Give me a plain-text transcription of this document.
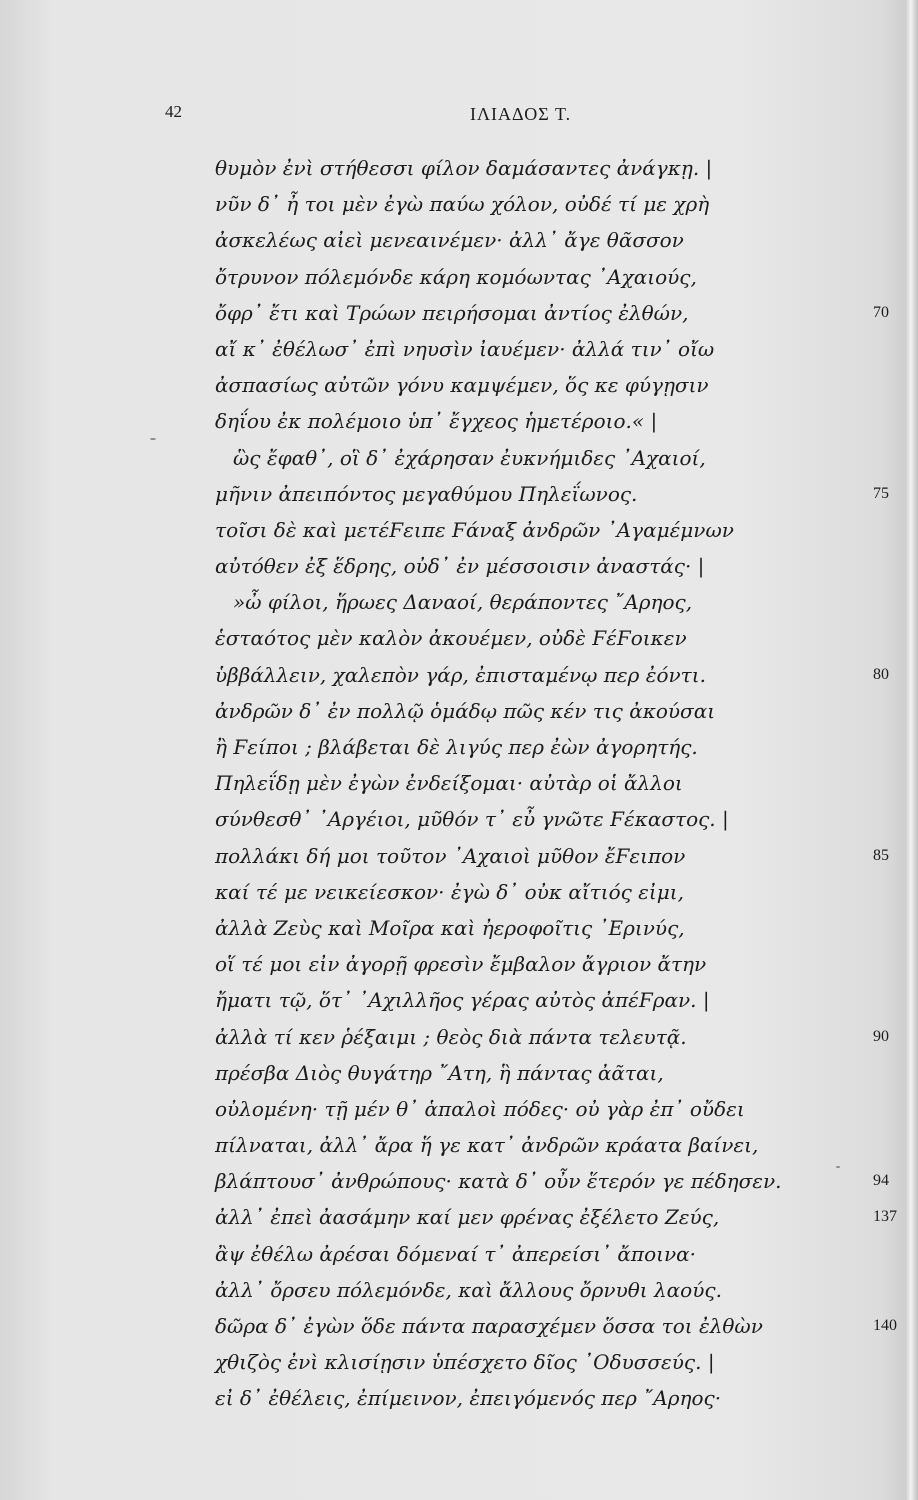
42	ΙΛΙΑΔΟΣ Τ.
θυμὸν ἐνὶ στήθεσσι φίλον δαμάσαντες ἀνάγκῃ. |
νῦν δ᾽ ἦ τοι μὲν ἐγὼ παύω χόλον, οὐδέ τί με χρὴ
ἀσκελέως αἰεὶ μενεαινέμεν· ἀλλ᾽ ἄγε θᾶσσον
ὄτρυνον πόλεμόνδε κάρη κομόωντας ᾽Αχαιούς,
ὄφρ᾽ ἔτι καὶ Τρώων πειρήσομαι ἀντίος ἐλθών,	70
αἴ κ᾽ ἐθέλωσ᾽ ἐπὶ νηυσὶν ἰαυέμεν· ἀλλά τιν᾽ οἴω
ἀσπασίως αὐτῶν γόνυ καμψέμεν, ὅς κε φύγῃσιν
δηΐου ἐκ πολέμοιο ὑπ᾽ ἔγχεος ἡμετέροιο.« |
ὣς ἔφαθ᾽, οἳ δ᾽ ἐχάρησαν ἐυκνήμιδες ᾽Αχαιοί,
μῆνιν ἀπειπόντος μεγαθύμου Πηλεΐωνος.	75
τοῖσι δὲ καὶ μετέϜειπε Ϝάναξ ἀνδρῶν ᾽Αγαμέμνων
αὐτόθεν ἐξ ἕδρης, οὐδ᾽ ἐν μέσσοισιν ἀναστάς· |
»ὦ φίλοι, ἥρωες Δαναοί, θεράποντες ῎Αρηος,
ἑσταότος μὲν καλὸν ἀκουέμεν, οὐδὲ ϜέϜοικεν
ὑββάλλειν, χαλεπὸν γάρ, ἐπισταμένῳ περ ἐόντι.	80
ἀνδρῶν δ᾽ ἐν πολλῷ ὁμάδῳ πῶς κέν τις ἀκούσαι
ἢ Ϝείποι ; βλάβεται δὲ λιγύς περ ἐὼν ἀγορητής.
Πηλεΐδῃ μὲν ἐγὼν ἐνδείξομαι· αὐτὰρ οἱ ἄλλοι
σύνθεσθ᾽ ᾽Αργέιοι, μῦθόν τ᾽ εὖ γνῶτε Ϝέκαστος. |
πολλάκι δή μοι τοῦτον ᾽Αχαιοὶ μῦθον ἔϜειπον	85
καί τέ με νεικείεσκον· ἐγὼ δ᾽ οὐκ αἴτιός εἰμι,
ἀλλὰ Ζεὺς καὶ Μοῖρα καὶ ἠεροφοῖτις ᾽Ερινύς,
οἵ τέ μοι εἰν ἀγορῇ φρεσὶν ἔμβαλον ἄγριον ἄτην
ἤματι τῷ, ὅτ᾽ ᾽Αχιλλῆος γέρας αὐτὸς ἀπέϜραν. |
ἀλλὰ τί κεν ῥέξαιμι ; θεὸς διὰ πάντα τελευτᾷ.	90
πρέσβα Διὸς θυγάτηρ ῎Ατη, ἣ πάντας ἀᾶται,
οὐλομένη· τῇ μέν θ᾽ ἁπαλοὶ πόδες· οὐ γὰρ ἐπ᾽ οὔδει
πίλναται, ἀλλ᾽ ἄρα ἥ γε κατ᾽ ἀνδρῶν κράατα βαίνει,
βλάπτουσ᾽ ἀνθρώπους· κατὰ δ᾽ οὖν ἕτερόν γε πέδησεν.	94
ἀλλ᾽ ἐπεὶ ἀασάμην καί μεν φρένας ἐξέλετο Ζεύς,	137
ἂψ ἐθέλω ἀρέσαι δόμεναί τ᾽ ἀπερείσι᾽ ἄποινα·
ἀλλ᾽ ὄρσευ πόλεμόνδε, καὶ ἄλλους ὄρνυθι λαούς.
δῶρα δ᾽ ἐγὼν ὅδε πάντα παρασχέμεν ὅσσα τοι ἐλθὼν	140
χθιζὸς ἐνὶ κλισίῃσιν ὑπέσχετο δῖος ᾽Οδυσσεύς. |
εἰ δ᾽ ἐθέλεις, ἐπίμεινον, ἐπειγόμενός περ ῎Αρηος·
